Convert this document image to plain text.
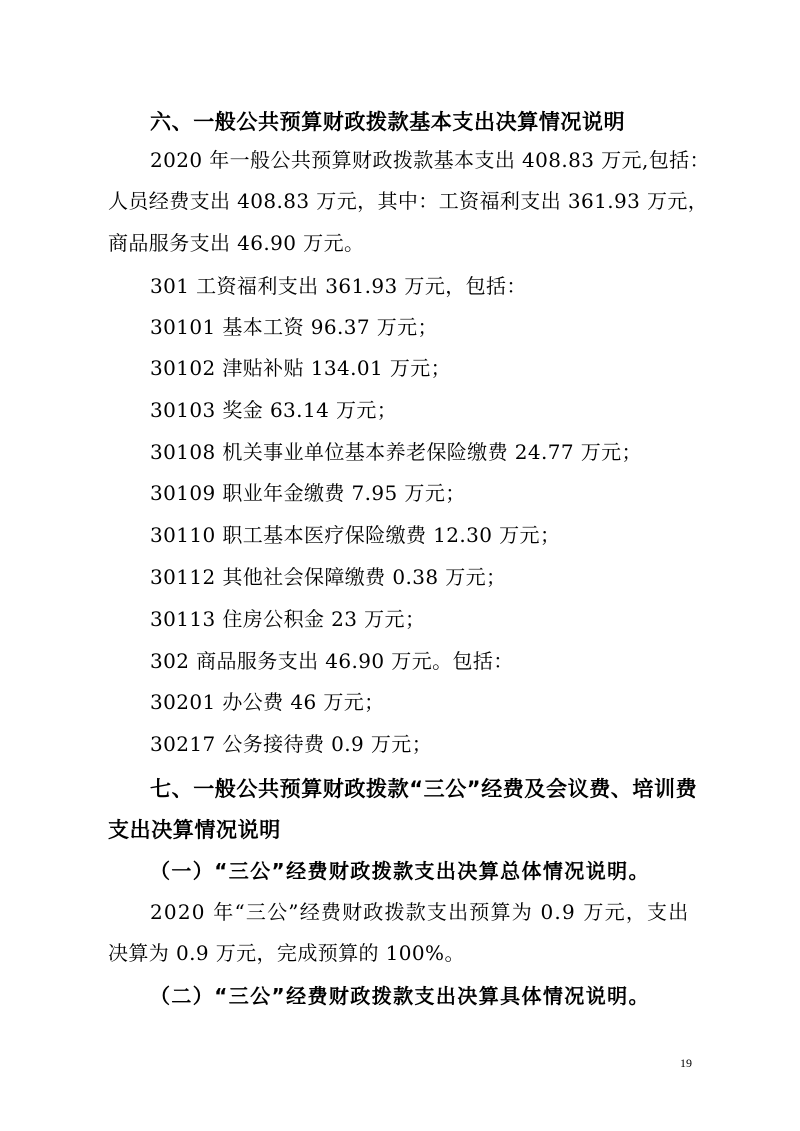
六、一般公共预算财政拨款基本支出决算情况说明
2020 年一般公共预算财政拨款基本支出 408.83 万元,包括：
人员经费支出 408.83 万元，其中：工资福利支出 361.93 万元，
商品服务支出 46.90 万元。
301 工资福利支出 361.93 万元，包括：
30101 基本工资 96.37 万元；
30102 津贴补贴 134.01 万元；
30103 奖金 63.14 万元；
30108 机关事业单位基本养老保险缴费 24.77 万元；
30109 职业年金缴费 7.95 万元；
30110 职工基本医疗保险缴费 12.30 万元；
30112 其他社会保障缴费 0.38 万元；
30113 住房公积金 23 万元；
302 商品服务支出 46.90 万元。包括：
30201 办公费 46 万元；
30217 公务接待费 0.9 万元；
七、一般公共预算财政拨款“三公”经费及会议费、培训费
支出决算情况说明
（一）“三公”经费财政拨款支出决算总体情况说明。
2020 年“三公”经费财政拨款支出预算为 0.9 万元，支出
决算为 0.9 万元，完成预算的 100%。
（二）“三公”经费财政拨款支出决算具体情况说明。
19
